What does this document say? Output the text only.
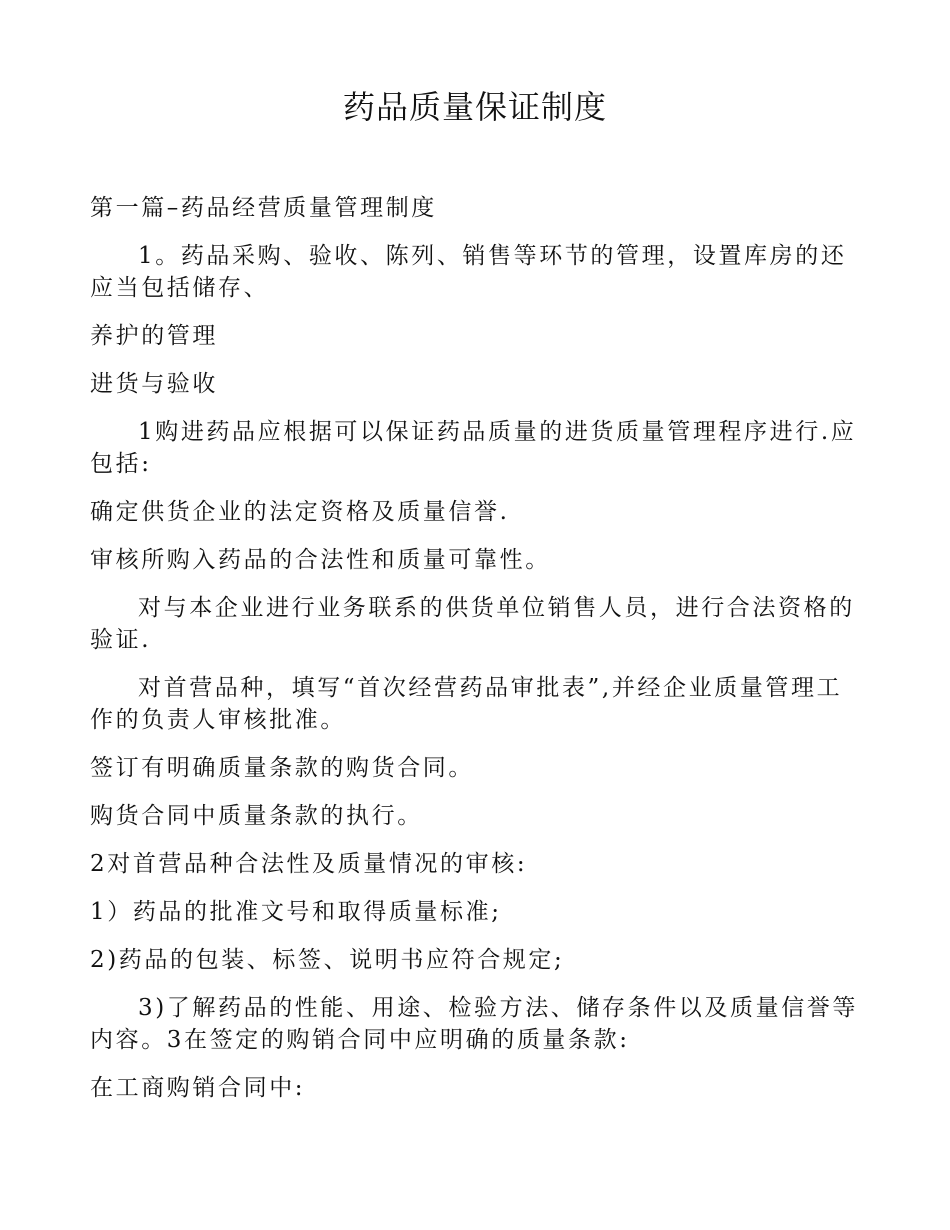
药品质量保证制度

第一篇–药品经营质量管理制度

1。药品采购、验收、陈列、销售等环节的管理，设置库房的还应当包括储存、

养护的管理

进货与验收

1购进药品应根据可以保证药品质量的进货质量管理程序进行.应包括:

确定供货企业的法定资格及质量信誉.

审核所购入药品的合法性和质量可靠性。

对与本企业进行业务联系的供货单位销售人员，进行合法资格的验证.

对首营品种，填写“首次经营药品审批表”,并经企业质量管理工作的负责人审核批准。

签订有明确质量条款的购货合同。

购货合同中质量条款的执行。

2对首营品种合法性及质量情况的审核:

1）药品的批准文号和取得质量标准;

2)药品的包装、标签、说明书应符合规定;

3)了解药品的性能、用途、检验方法、储存条件以及质量信誉等内容。3在签定的购销合同中应明确的质量条款:

在工商购销合同中:
